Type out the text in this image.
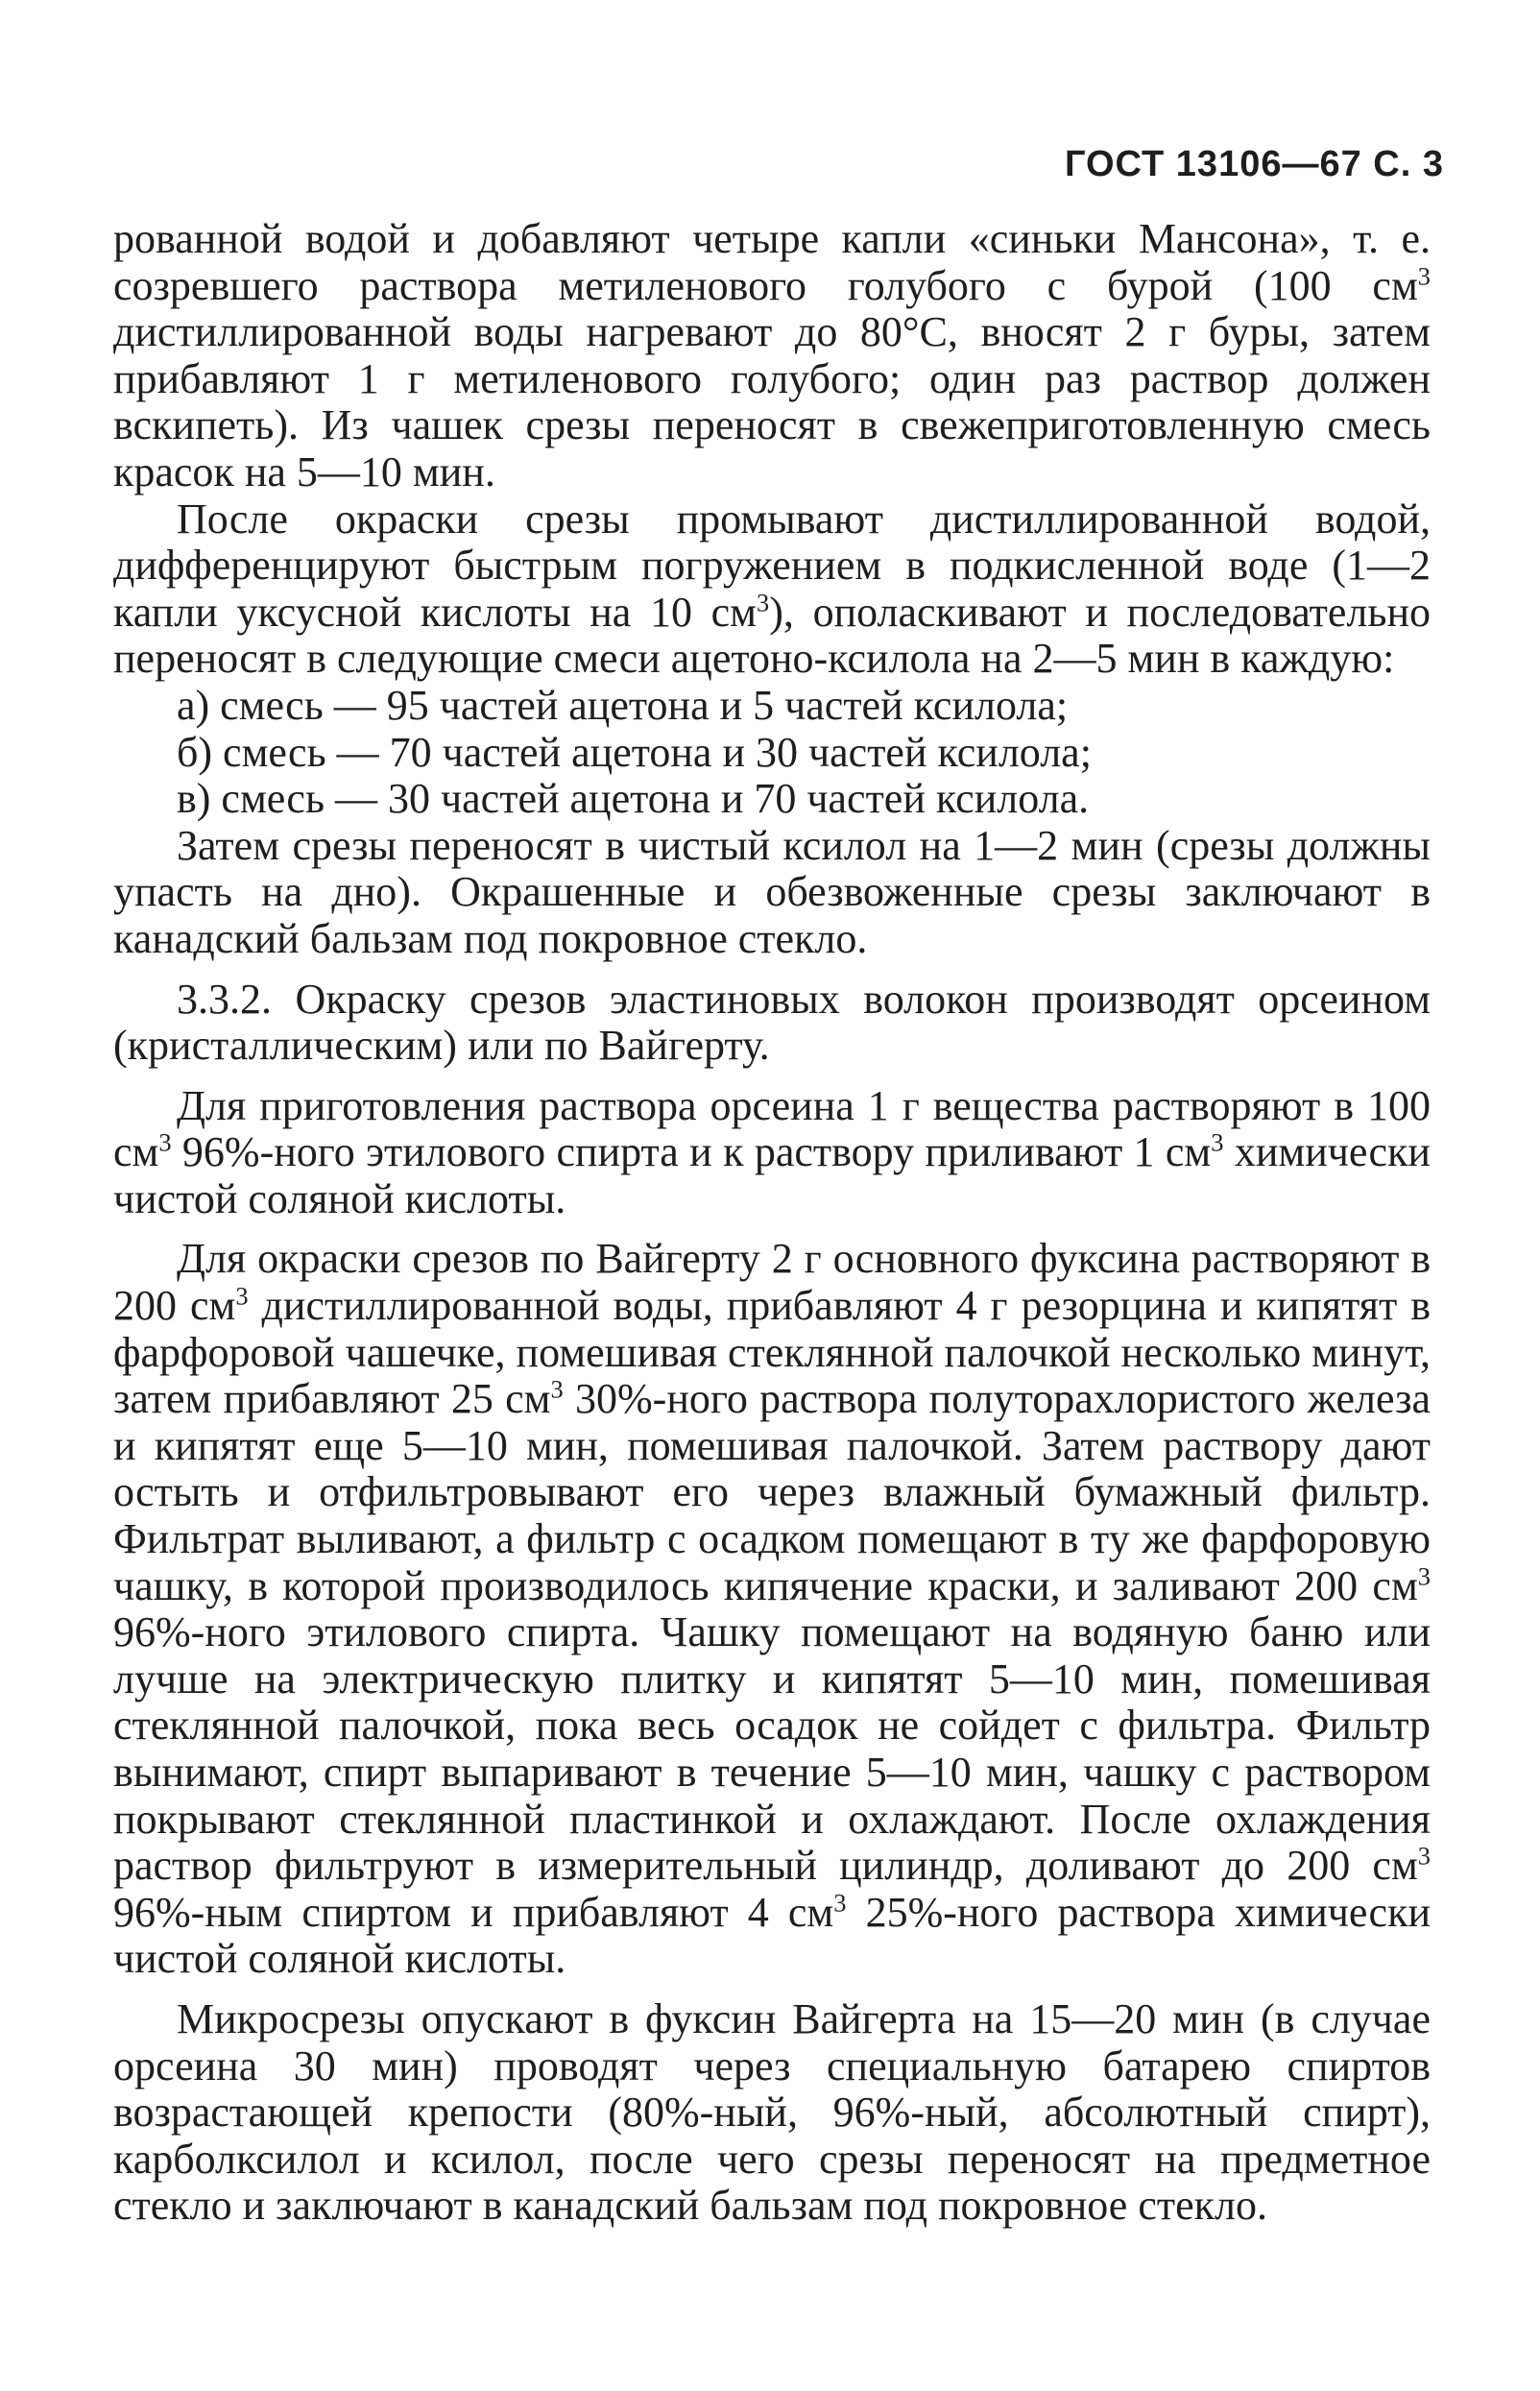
ГОСТ 13106—67 С. 3

рованной водой и добавляют четыре капли «синьки Мансона», т. е. созревшего раствора метиленового голубого с бурой (100 $см^3$ дистиллированной воды нагревают до 80°С, вносят 2 г буры, затем прибавляют 1 г метиленового голубого; один раз раствор должен вскипеть). Из чашек срезы переносят в свежеприготовленную смесь красок на 5—10 мин.

После окраски срезы промывают дистиллированной водой, дифференцируют быстрым погружением в подкисленной воде (1—2 капли уксусной кислоты на 10 $см^3$), ополаскивают и последовательно переносят в следующие смеси ацетоно-ксилола на 2—5 мин в каждую:

а) смесь — 95 частей ацетона и 5 частей ксилола;

б) смесь — 70 частей ацетона и 30 частей ксилола;

в) смесь — 30 частей ацетона и 70 частей ксилола.

Затем срезы переносят в чистый ксилол на 1—2 мин (срезы должны упасть на дно). Окрашенные и обезвоженные срезы заключают в канадский бальзам под покровное стекло.

3.3.2. Окраску срезов эластиновых волокон производят орсеином (кристаллическим) или по Вайгерту.

Для приготовления раствора орсеина 1 г вещества растворяют в 100 $см^3$ 96%-ного этилового спирта и к раствору приливают 1 $см^3$ химически чистой соляной кислоты.

Для окраски срезов по Вайгерту 2 г основного фуксина растворяют в 200 $см^3$ дистиллированной воды, прибавляют 4 г резорцина и кипятят в фарфоровой чашечке, помешивая стеклянной палочкой несколько минут, затем прибавляют 25 $см^3$ 30%-ного раствора полуторахлористого железа и кипятят еще 5—10 мин, помешивая палочкой. Затем раствору дают остыть и отфильтровывают его через влажный бумажный фильтр. Фильтрат выливают, а фильтр с осадком помещают в ту же фарфоровую чашку, в которой производилось кипячение краски, и заливают 200 $см^3$ 96%-ного этилового спирта. Чашку помещают на водяную баню или лучше на электрическую плитку и кипятят 5—10 мин, помешивая стеклянной палочкой, пока весь осадок не сойдет с фильтра. Фильтр вынимают, спирт выпаривают в течение 5—10 мин, чашку с раствором покрывают стеклянной пластинкой и охлаждают. После охлаждения раствор фильтруют в измерительный цилиндр, доливают до 200 $см^3$ 96%-ным спиртом и прибавляют 4 $см^3$ 25%-ного раствора химически чистой соляной кислоты.

Микросрезы опускают в фуксин Вайгерта на 15—20 мин (в случае орсеина 30 мин) проводят через специальную батарею спиртов возрастающей крепости (80%-ный, 96%-ный, абсолютный спирт), карболксилол и ксилол, после чего срезы переносят на предметное стекло и заключают в канадский бальзам под покровное стекло.
